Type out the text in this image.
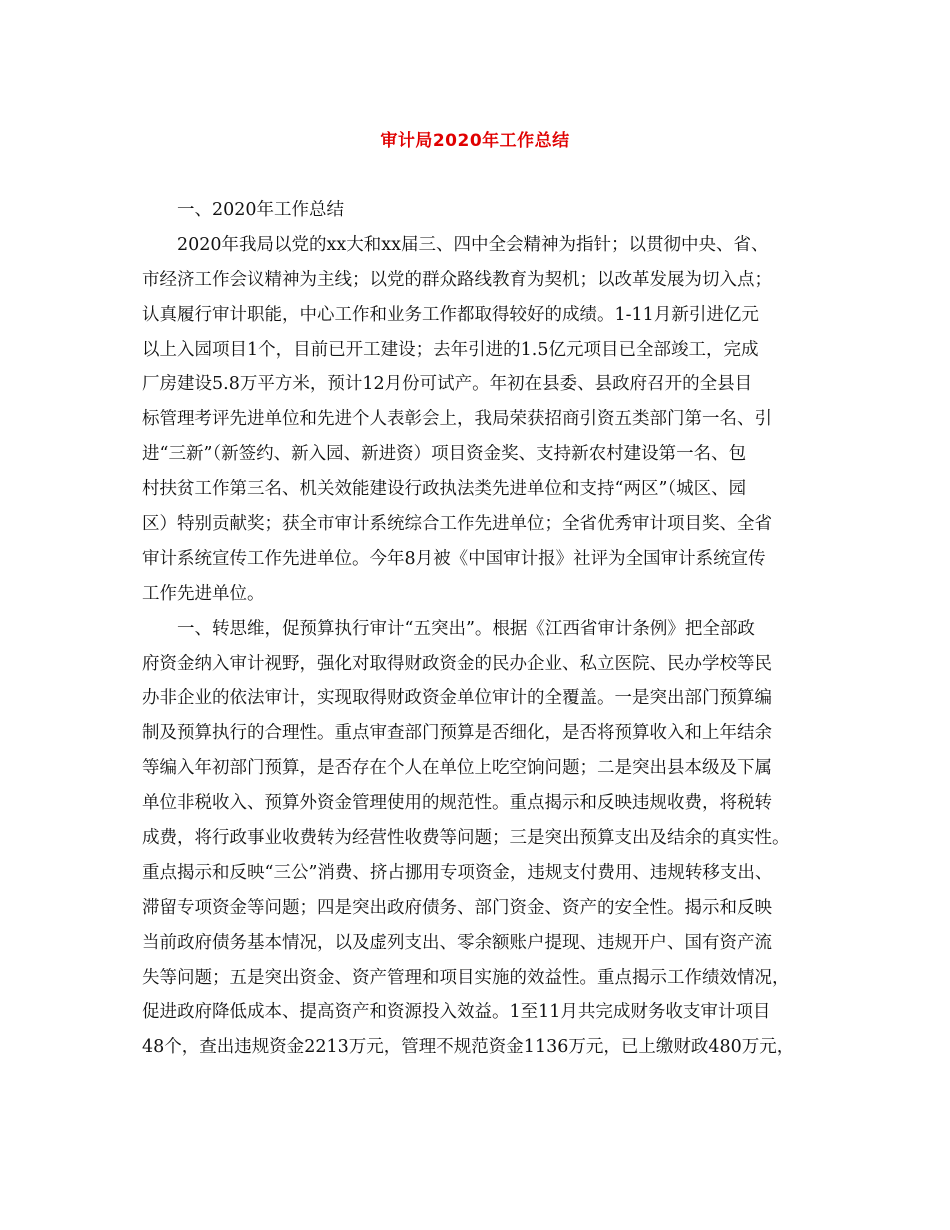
审计局2020年工作总结
一、2020年工作总结
2020年我局以党的xx大和xx届三、四中全会精神为指针；以贯彻中央、省、
市经济工作会议精神为主线；以党的群众路线教育为契机；以改革发展为切入点；
认真履行审计职能，中心工作和业务工作都取得较好的成绩。1-11月新引进亿元
以上入园项目1个，目前已开工建设；去年引进的1.5亿元项目已全部竣工，完成
厂房建设5.8万平方米，预计12月份可试产。年初在县委、县政府召开的全县目
标管理考评先进单位和先进个人表彰会上，我局荣获招商引资五类部门第一名、引
进“三新”（新签约、新入园、新进资）项目资金奖、支持新农村建设第一名、包
村扶贫工作第三名、机关效能建设行政执法类先进单位和支持“两区”（城区、园
区）特别贡献奖；获全市审计系统综合工作先进单位；全省优秀审计项目奖、全省
审计系统宣传工作先进单位。今年8月被《中国审计报》社评为全国审计系统宣传
工作先进单位。
一、转思维，促预算执行审计“五突出”。根据《江西省审计条例》把全部政
府资金纳入审计视野，强化对取得财政资金的民办企业、私立医院、民办学校等民
办非企业的依法审计，实现取得财政资金单位审计的全覆盖。一是突出部门预算编
制及预算执行的合理性。重点审查部门预算是否细化，是否将预算收入和上年结余
等编入年初部门预算，是否存在个人在单位上吃空饷问题；二是突出县本级及下属
单位非税收入、预算外资金管理使用的规范性。重点揭示和反映违规收费，将税转
成费，将行政事业收费转为经营性收费等问题；三是突出预算支出及结余的真实性。
重点揭示和反映“三公”消费、挤占挪用专项资金，违规支付费用、违规转移支出、
滞留专项资金等问题；四是突出政府债务、部门资金、资产的安全性。揭示和反映
当前政府债务基本情况，以及虚列支出、零余额账户提现、违规开户、国有资产流
失等问题；五是突出资金、资产管理和项目实施的效益性。重点揭示工作绩效情况，
促进政府降低成本、提高资产和资源投入效益。1至11月共完成财务收支审计项目
48个，查出违规资金2213万元，管理不规范资金1136万元，已上缴财政480万元，
